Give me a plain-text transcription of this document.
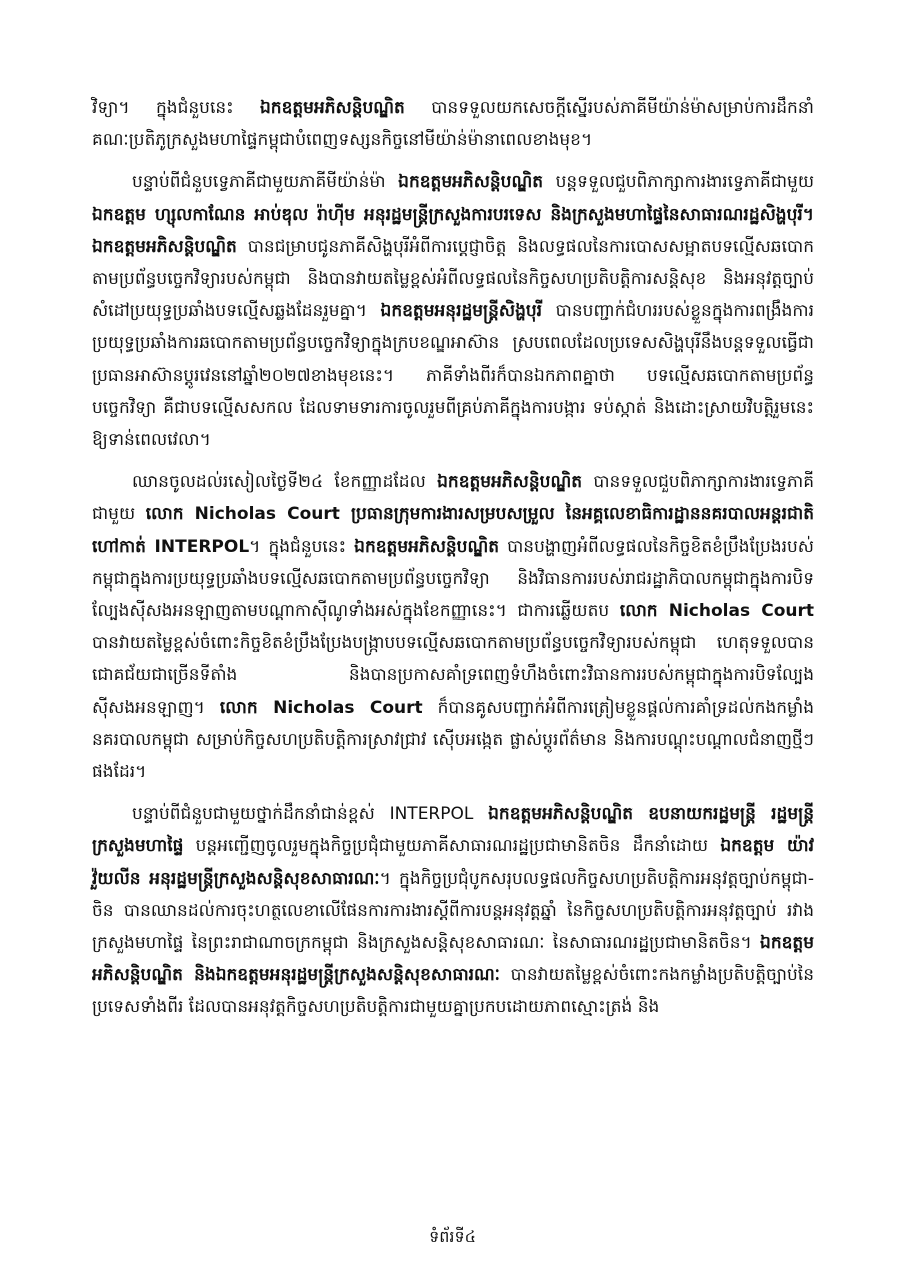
វិទ្យា។ ក្នុងជំនួបនេះ ឯកឧត្តមអភិសន្តិបណ្ឌិត បានទទួលយកសេចក្តីស្នើរបស់ភាគីមីយ៉ាន់ម៉ាសម្រាប់ការដឹកនាំគណៈប្រតិភូក្រសួងមហាផ្ទៃកម្ពុជាបំពេញទស្សនកិច្ចនៅមីយ៉ាន់ម៉ានាពេលខាងមុខ។

បន្ទាប់ពីជំនួបទ្វេភាគីជាមួយភាគីមីយ៉ាន់ម៉ា ឯកឧត្តមអភិសន្តិបណ្ឌិត បន្តទទួលជួបពិភាក្សាការងារទ្វេភាគីជាមួយ ឯកឧត្តម ហ្សុលកាណែន អាប់ឌុល រ៉ាហ៊ីម អនុរដ្ឋមន្ត្រីក្រសួងការបរទេស និងក្រសួងមហាផ្ទៃនៃសាធារណរដ្ឋសិង្ហបុរី។ ឯកឧត្តមអភិសន្តិបណ្ឌិត បានជម្រាបជូនភាគីសិង្ហបុរីអំពីការប្តេជ្ញាចិត្ត និងលទ្ធផលនៃការបោសសម្អាតបទល្មើសឆបោកតាមប្រព័ន្ធបច្ចេកវិទ្យារបស់កម្ពុជា និងបានវាយតម្លៃខ្ពស់អំពីលទ្ធផលនៃកិច្ចសហប្រតិបត្តិការសន្តិសុខ និងអនុវត្តច្បាប់សំដៅប្រយុទ្ធប្រឆាំងបទល្មើសឆ្លងដែនរួមគ្នា។ ឯកឧត្តមអនុរដ្ឋមន្ត្រីសិង្ហបុរី បានបញ្ជាក់ជំហររបស់ខ្លួនក្នុងការពង្រឹងការប្រយុទ្ធប្រឆាំងការឆបោកតាមប្រព័ន្ធបច្ចេកវិទ្យាក្នុងក្របខណ្ឌអាស៊ាន ស្របពេលដែលប្រទេសសិង្ហបុរីនឹងបន្តទទួលធ្វើជាប្រធានអាស៊ានប្តូរវេននៅឆ្នាំ២០២៧ខាងមុខនេះ។ ភាគីទាំងពីរក៏បានឯកភាពគ្នាថា បទល្មើសឆបោកតាមប្រព័ន្ធបច្ចេកវិទ្យា គឺជាបទល្មើសសកល ដែលទាមទារការចូលរួមពីគ្រប់ភាគីក្នុងការបង្ការ ទប់ស្កាត់ និងដោះស្រាយវិបត្តិរួមនេះឱ្យទាន់ពេលវេលា។

ឈានចូលដល់រសៀលថ្ងៃទី២៤ ខែកញ្ញាដដែល ឯកឧត្តមអភិសន្តិបណ្ឌិត បានទទួលជួបពិភាក្សាការងារទ្វេភាគីជាមួយ លោក Nicholas Court ប្រធានក្រុមការងារសម្របសម្រួល នៃអគ្គលេខាធិការដ្ឋាននគរបាលអន្តរជាតិ ហៅកាត់ INTERPOL។ ក្នុងជំនួបនេះ ឯកឧត្តមអភិសន្តិបណ្ឌិត បានបង្ហាញអំពីលទ្ធផលនៃកិច្ចខិតខំប្រឹងប្រែងរបស់កម្ពុជាក្នុងការប្រយុទ្ធប្រឆាំងបទល្មើសឆបោកតាមប្រព័ន្ធបច្ចេកវិទ្យា និងវិធានការរបស់រាជរដ្ឋាភិបាលកម្ពុជាក្នុងការបិទល្បែងស៊ីសងអនឡាញតាមបណ្តាកាស៊ីណូទាំងអស់ក្នុងខែកញ្ញានេះ។ ជាការឆ្លើយតប លោក Nicholas Court បានវាយតម្លៃខ្ពស់ចំពោះកិច្ចខិតខំប្រឹងប្រែងបង្ក្រាបបទល្មើសឆបោកតាមប្រព័ន្ធបច្ចេកវិទ្យារបស់កម្ពុជា ហេតុទទួលបានជោគជ័យជាច្រើនទីតាំង និងបានប្រកាសគាំទ្រពេញទំហឹងចំពោះវិធានការរបស់កម្ពុជាក្នុងការបិទល្បែងស៊ីសងអនឡាញ។ លោក Nicholas Court ក៏បានគូសបញ្ជាក់អំពីការត្រៀមខ្លួនផ្តល់ការគាំទ្រដល់កងកម្លាំងនគរបាលកម្ពុជា សម្រាប់កិច្ចសហប្រតិបត្តិការស្រាវជ្រាវ ស៊ើបអង្កេត ផ្លាស់ប្តូរព័ត៌មាន និងការបណ្តុះបណ្តាលជំនាញថ្មីៗផងដែរ។

បន្ទាប់ពីជំនួបជាមួយថ្នាក់ដឹកនាំជាន់ខ្ពស់ INTERPOL ឯកឧត្តមអភិសន្តិបណ្ឌិត ឧបនាយករដ្ឋមន្ត្រី រដ្ឋមន្ត្រីក្រសួងមហាផ្ទៃ បន្តអញ្ជើញចូលរួមក្នុងកិច្ចប្រជុំជាមួយភាគីសាធារណរដ្ឋប្រជាមានិតចិន ដឹកនាំដោយ ឯកឧត្តម យ៉ាវ វ៉ួយលីន អនុរដ្ឋមន្ត្រីក្រសួងសន្តិសុខសាធារណៈ។ ក្នុងកិច្ចប្រជុំបូកសរុបលទ្ធផលកិច្ចសហប្រតិបត្តិការអនុវត្តច្បាប់កម្ពុជា-ចិន បានឈានដល់ការចុះហត្ថលេខាលើផែនការការងារស្តីពីការបន្តអនុវត្តឆ្នាំ នៃកិច្ចសហប្រតិបត្តិការអនុវត្តច្បាប់ រវាងក្រសួងមហាផ្ទៃ នៃព្រះរាជាណាចក្រកម្ពុជា និងក្រសួងសន្តិសុខសាធារណៈ នៃសាធារណរដ្ឋប្រជាមានិតចិន។ ឯកឧត្តមអភិសន្តិបណ្ឌិត និងឯកឧត្តមអនុរដ្ឋមន្ត្រីក្រសួងសន្តិសុខសាធារណៈ បានវាយតម្លៃខ្ពស់ចំពោះកងកម្លាំងប្រតិបត្តិច្បាប់នៃប្រទេសទាំងពីរ ដែលបានអនុវត្តកិច្ចសហប្រតិបត្តិការជាមួយគ្នាប្រកបដោយភាពស្មោះត្រង់ និង

ទំព័រទី៤
